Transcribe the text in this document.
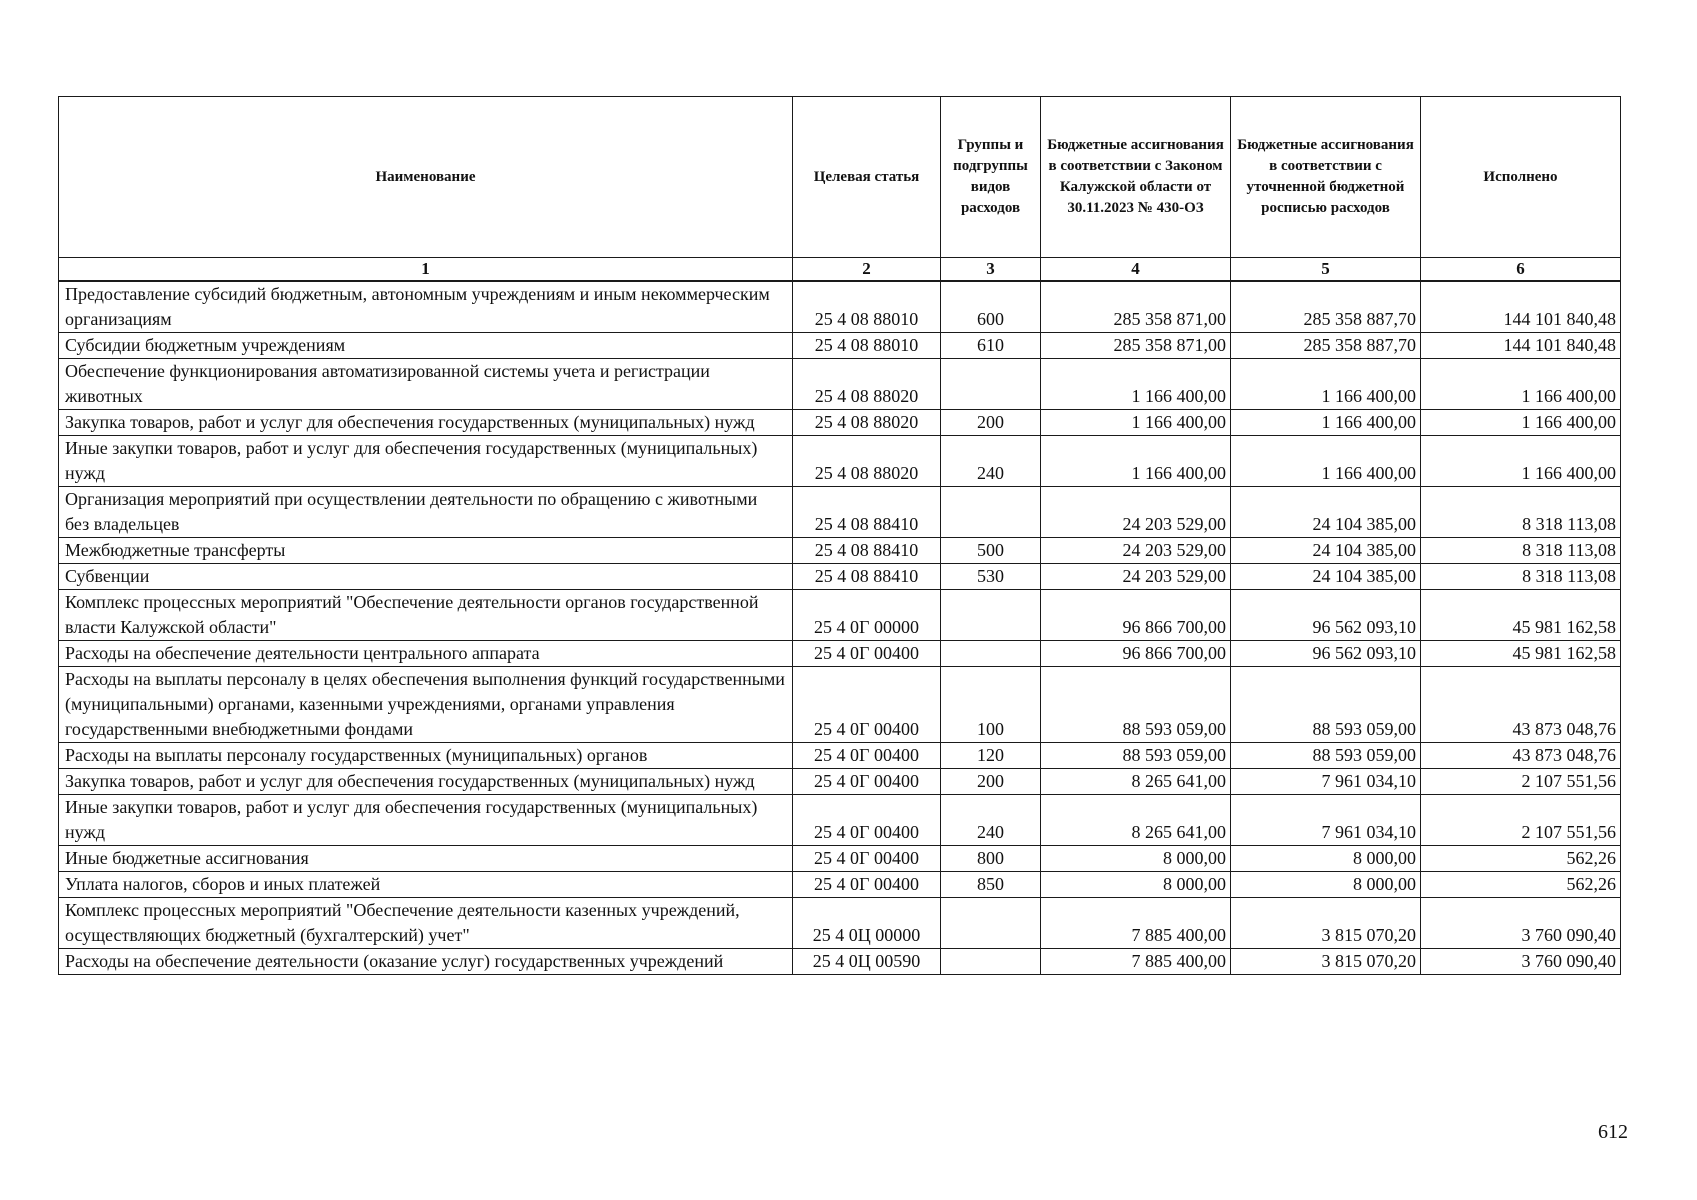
Наименование	Целевая статья	Группы и подгруппы видов расходов	Бюджетные ассигнования в соответствии с Законом Калужской области от 30.11.2023 № 430-ОЗ	Бюджетные ассигнования в соответствии с уточненной бюджетной росписью расходов	Исполнено
1	2	3	4	5	6
Предоставление субсидий бюджетным, автономным учреждениям и иным некоммерческим организациям	25 4 08 88010	600	285 358 871,00	285 358 887,70	144 101 840,48
Субсидии бюджетным учреждениям	25 4 08 88010	610	285 358 871,00	285 358 887,70	144 101 840,48
Обеспечение функционирования автоматизированной системы учета и регистрации животных	25 4 08 88020		1 166 400,00	1 166 400,00	1 166 400,00
Закупка товаров, работ и услуг для обеспечения государственных (муниципальных) нужд	25 4 08 88020	200	1 166 400,00	1 166 400,00	1 166 400,00
Иные закупки товаров, работ и услуг для обеспечения государственных (муниципальных) нужд	25 4 08 88020	240	1 166 400,00	1 166 400,00	1 166 400,00
Организация мероприятий при осуществлении деятельности по обращению с животными без владельцев	25 4 08 88410		24 203 529,00	24 104 385,00	8 318 113,08
Межбюджетные трансферты	25 4 08 88410	500	24 203 529,00	24 104 385,00	8 318 113,08
Субвенции	25 4 08 88410	530	24 203 529,00	24 104 385,00	8 318 113,08
Комплекс процессных мероприятий "Обеспечение деятельности органов государственной власти Калужской области"	25 4 0Г 00000		96 866 700,00	96 562 093,10	45 981 162,58
Расходы на обеспечение деятельности центрального аппарата	25 4 0Г 00400		96 866 700,00	96 562 093,10	45 981 162,58
Расходы на выплаты персоналу в целях обеспечения выполнения функций государственными (муниципальными) органами, казенными учреждениями, органами управления государственными внебюджетными фондами	25 4 0Г 00400	100	88 593 059,00	88 593 059,00	43 873 048,76
Расходы на выплаты персоналу государственных (муниципальных) органов	25 4 0Г 00400	120	88 593 059,00	88 593 059,00	43 873 048,76
Закупка товаров, работ и услуг для обеспечения государственных (муниципальных) нужд	25 4 0Г 00400	200	8 265 641,00	7 961 034,10	2 107 551,56
Иные закупки товаров, работ и услуг для обеспечения государственных (муниципальных) нужд	25 4 0Г 00400	240	8 265 641,00	7 961 034,10	2 107 551,56
Иные бюджетные ассигнования	25 4 0Г 00400	800	8 000,00	8 000,00	562,26
Уплата налогов, сборов и иных платежей	25 4 0Г 00400	850	8 000,00	8 000,00	562,26
Комплекс процессных мероприятий "Обеспечение деятельности казенных учреждений, осуществляющих бюджетный (бухгалтерский) учет"	25 4 0Ц 00000		7 885 400,00	3 815 070,20	3 760 090,40
Расходы на обеспечение деятельности (оказание услуг) государственных учреждений	25 4 0Ц 00590		7 885 400,00	3 815 070,20	3 760 090,40
612
